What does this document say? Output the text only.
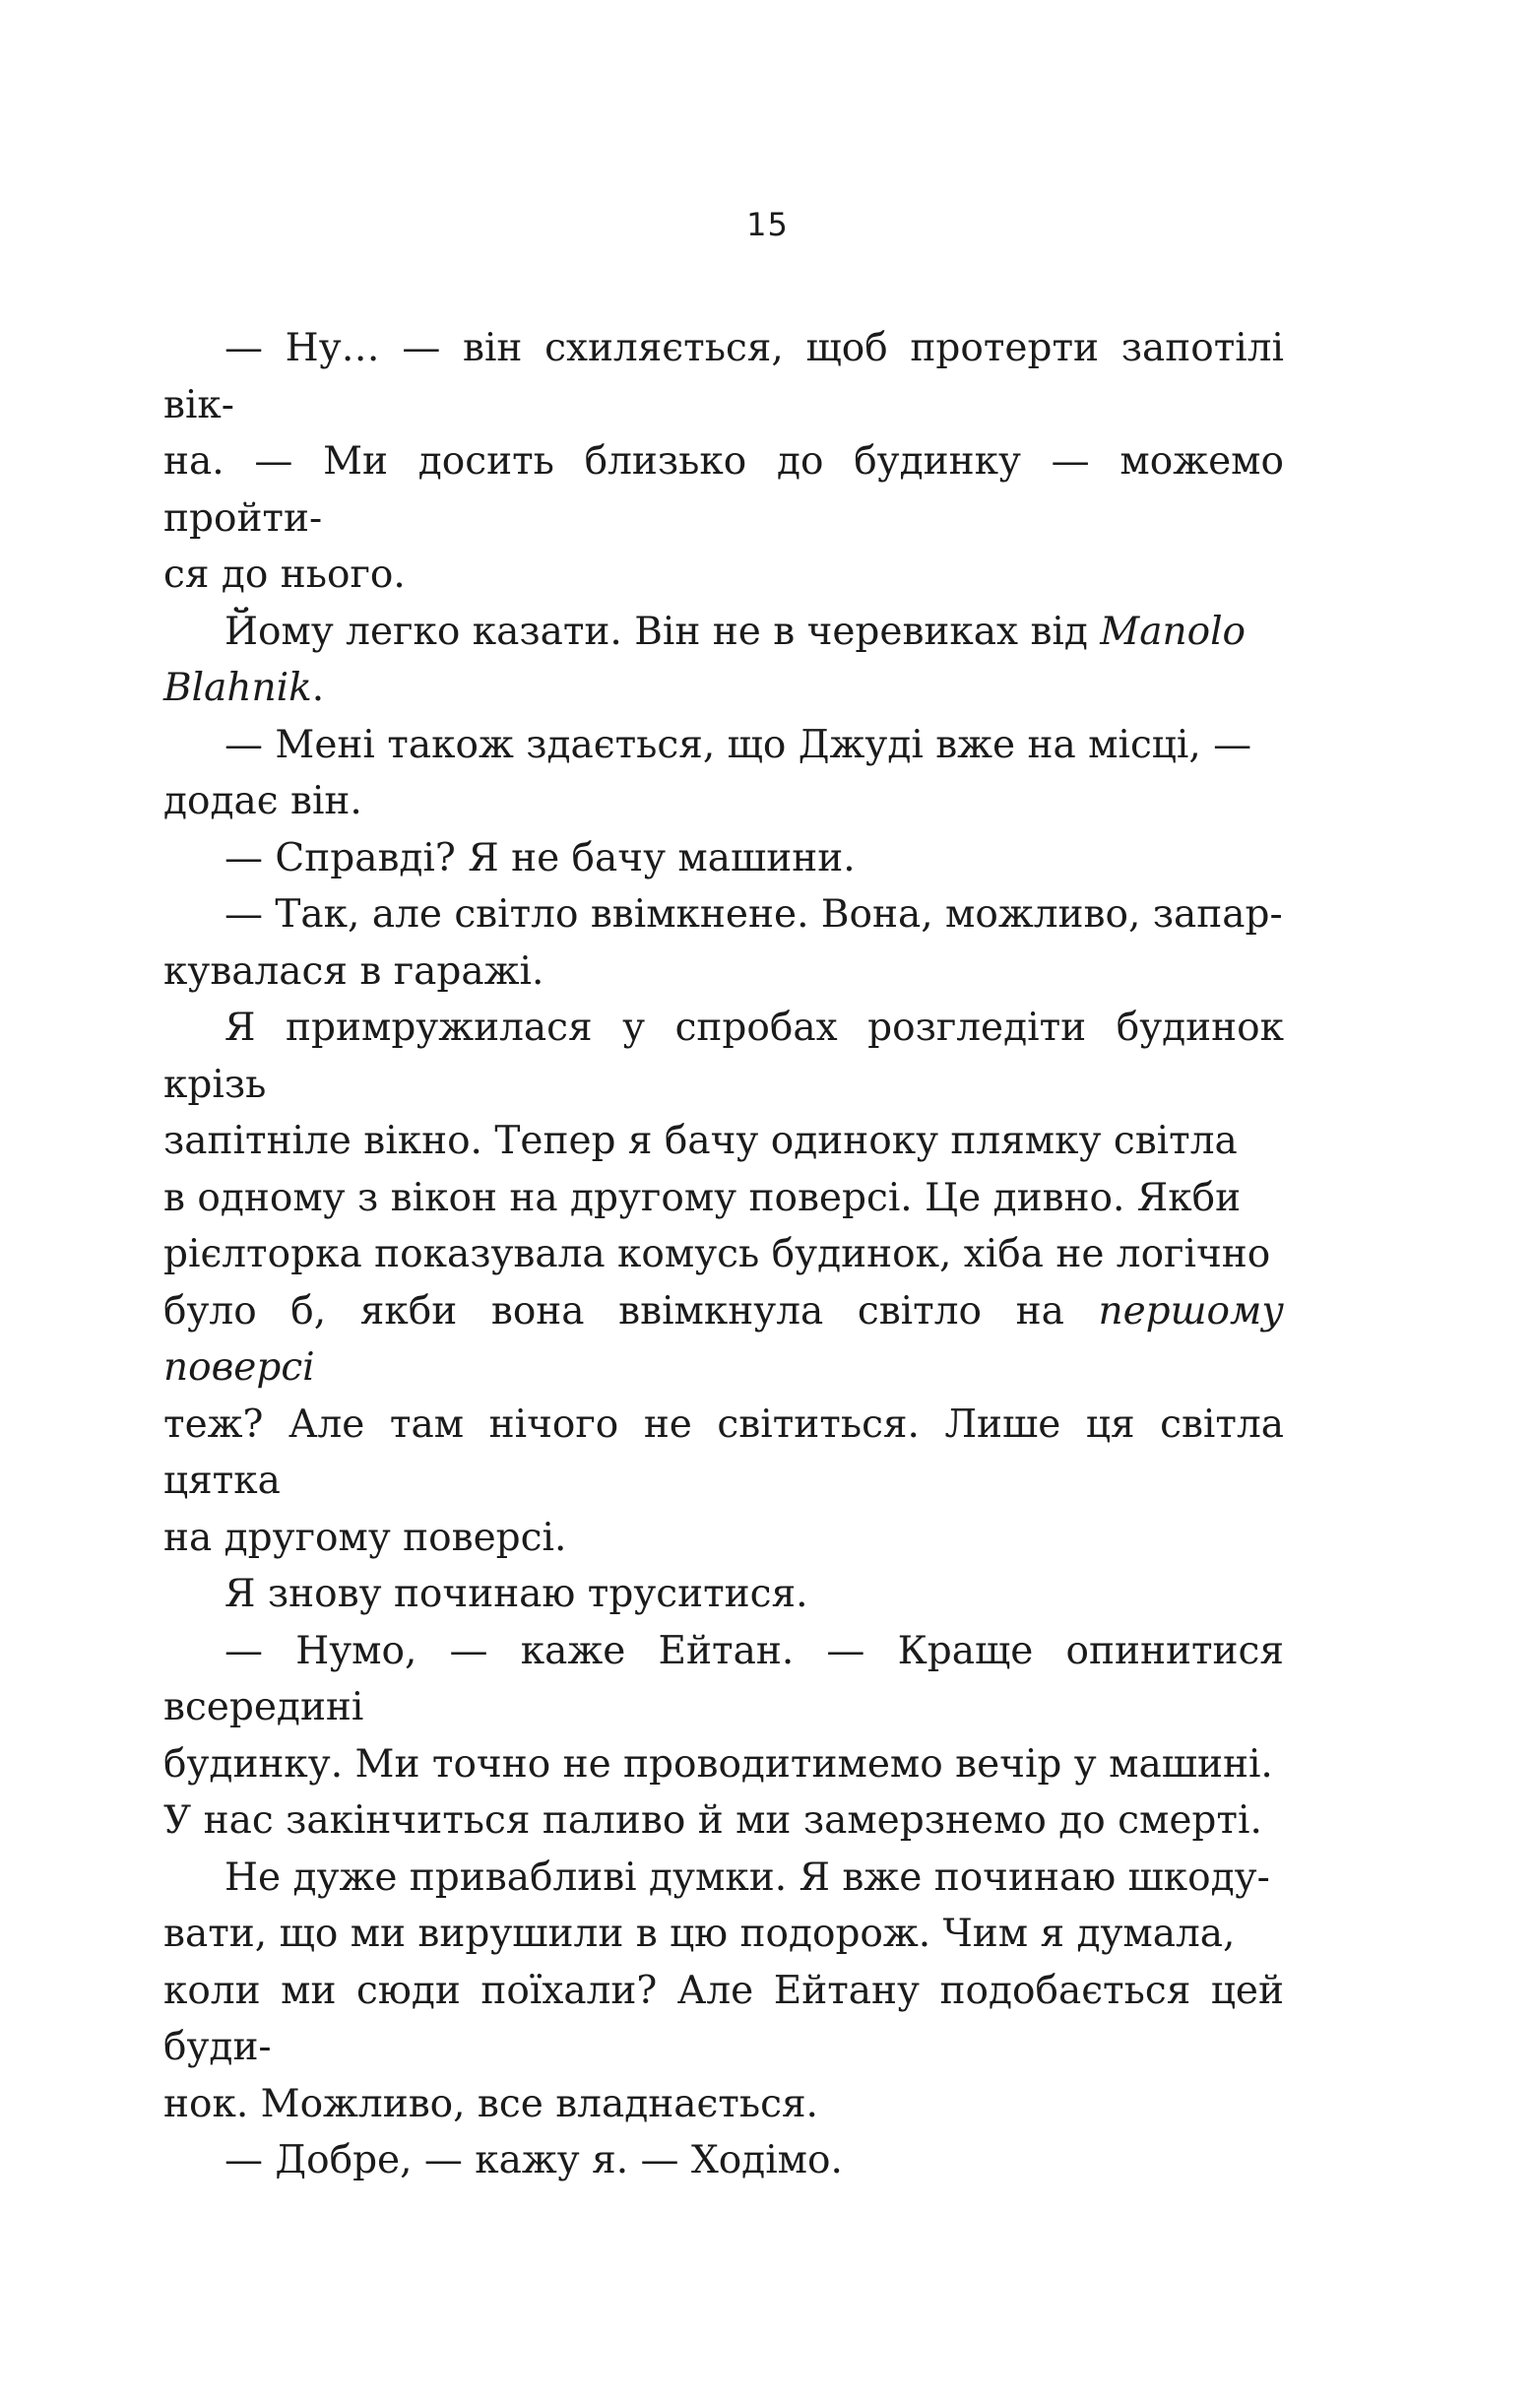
15

— Ну… — він схиляється, щоб протерти запотілі вік-
на. — Ми досить близько до будинку — можемо пройти-
ся до нього.

Йому легко казати. Він не в черевиках від Manolo
Blahnik.

— Мені також здається, що Джуді вже на місці, —
додає він.

— Справді? Я не бачу машини.

— Так, але світло ввімкнене. Вона, можливо, запар-
кувалася в гаражі.

Я примружилася у спробах розгледіти будинок крізь
запітніле вікно. Тепер я бачу одиноку плямку світла
в одному з вікон на другому поверсі. Це дивно. Якби
рієлторка показувала комусь будинок, хіба не логічно
було б, якби вона ввімкнула світло на першому поверсі
теж? Але там нічого не світиться. Лише ця світла цятка
на другому поверсі.

Я знову починаю труситися.

— Нумо, — каже Ейтан. — Краще опинитися всередині
будинку. Ми точно не проводитимемо вечір у машині.
У нас закінчиться паливо й ми замерзнемо до смерті.

Не дуже привабливі думки. Я вже починаю шкоду-
вати, що ми вирушили в цю подорож. Чим я думала,
коли ми сюди поїхали? Але Ейтану подобається цей буди-
нок. Можливо, все владнається.

— Добре, — кажу я. — Ходімо.
